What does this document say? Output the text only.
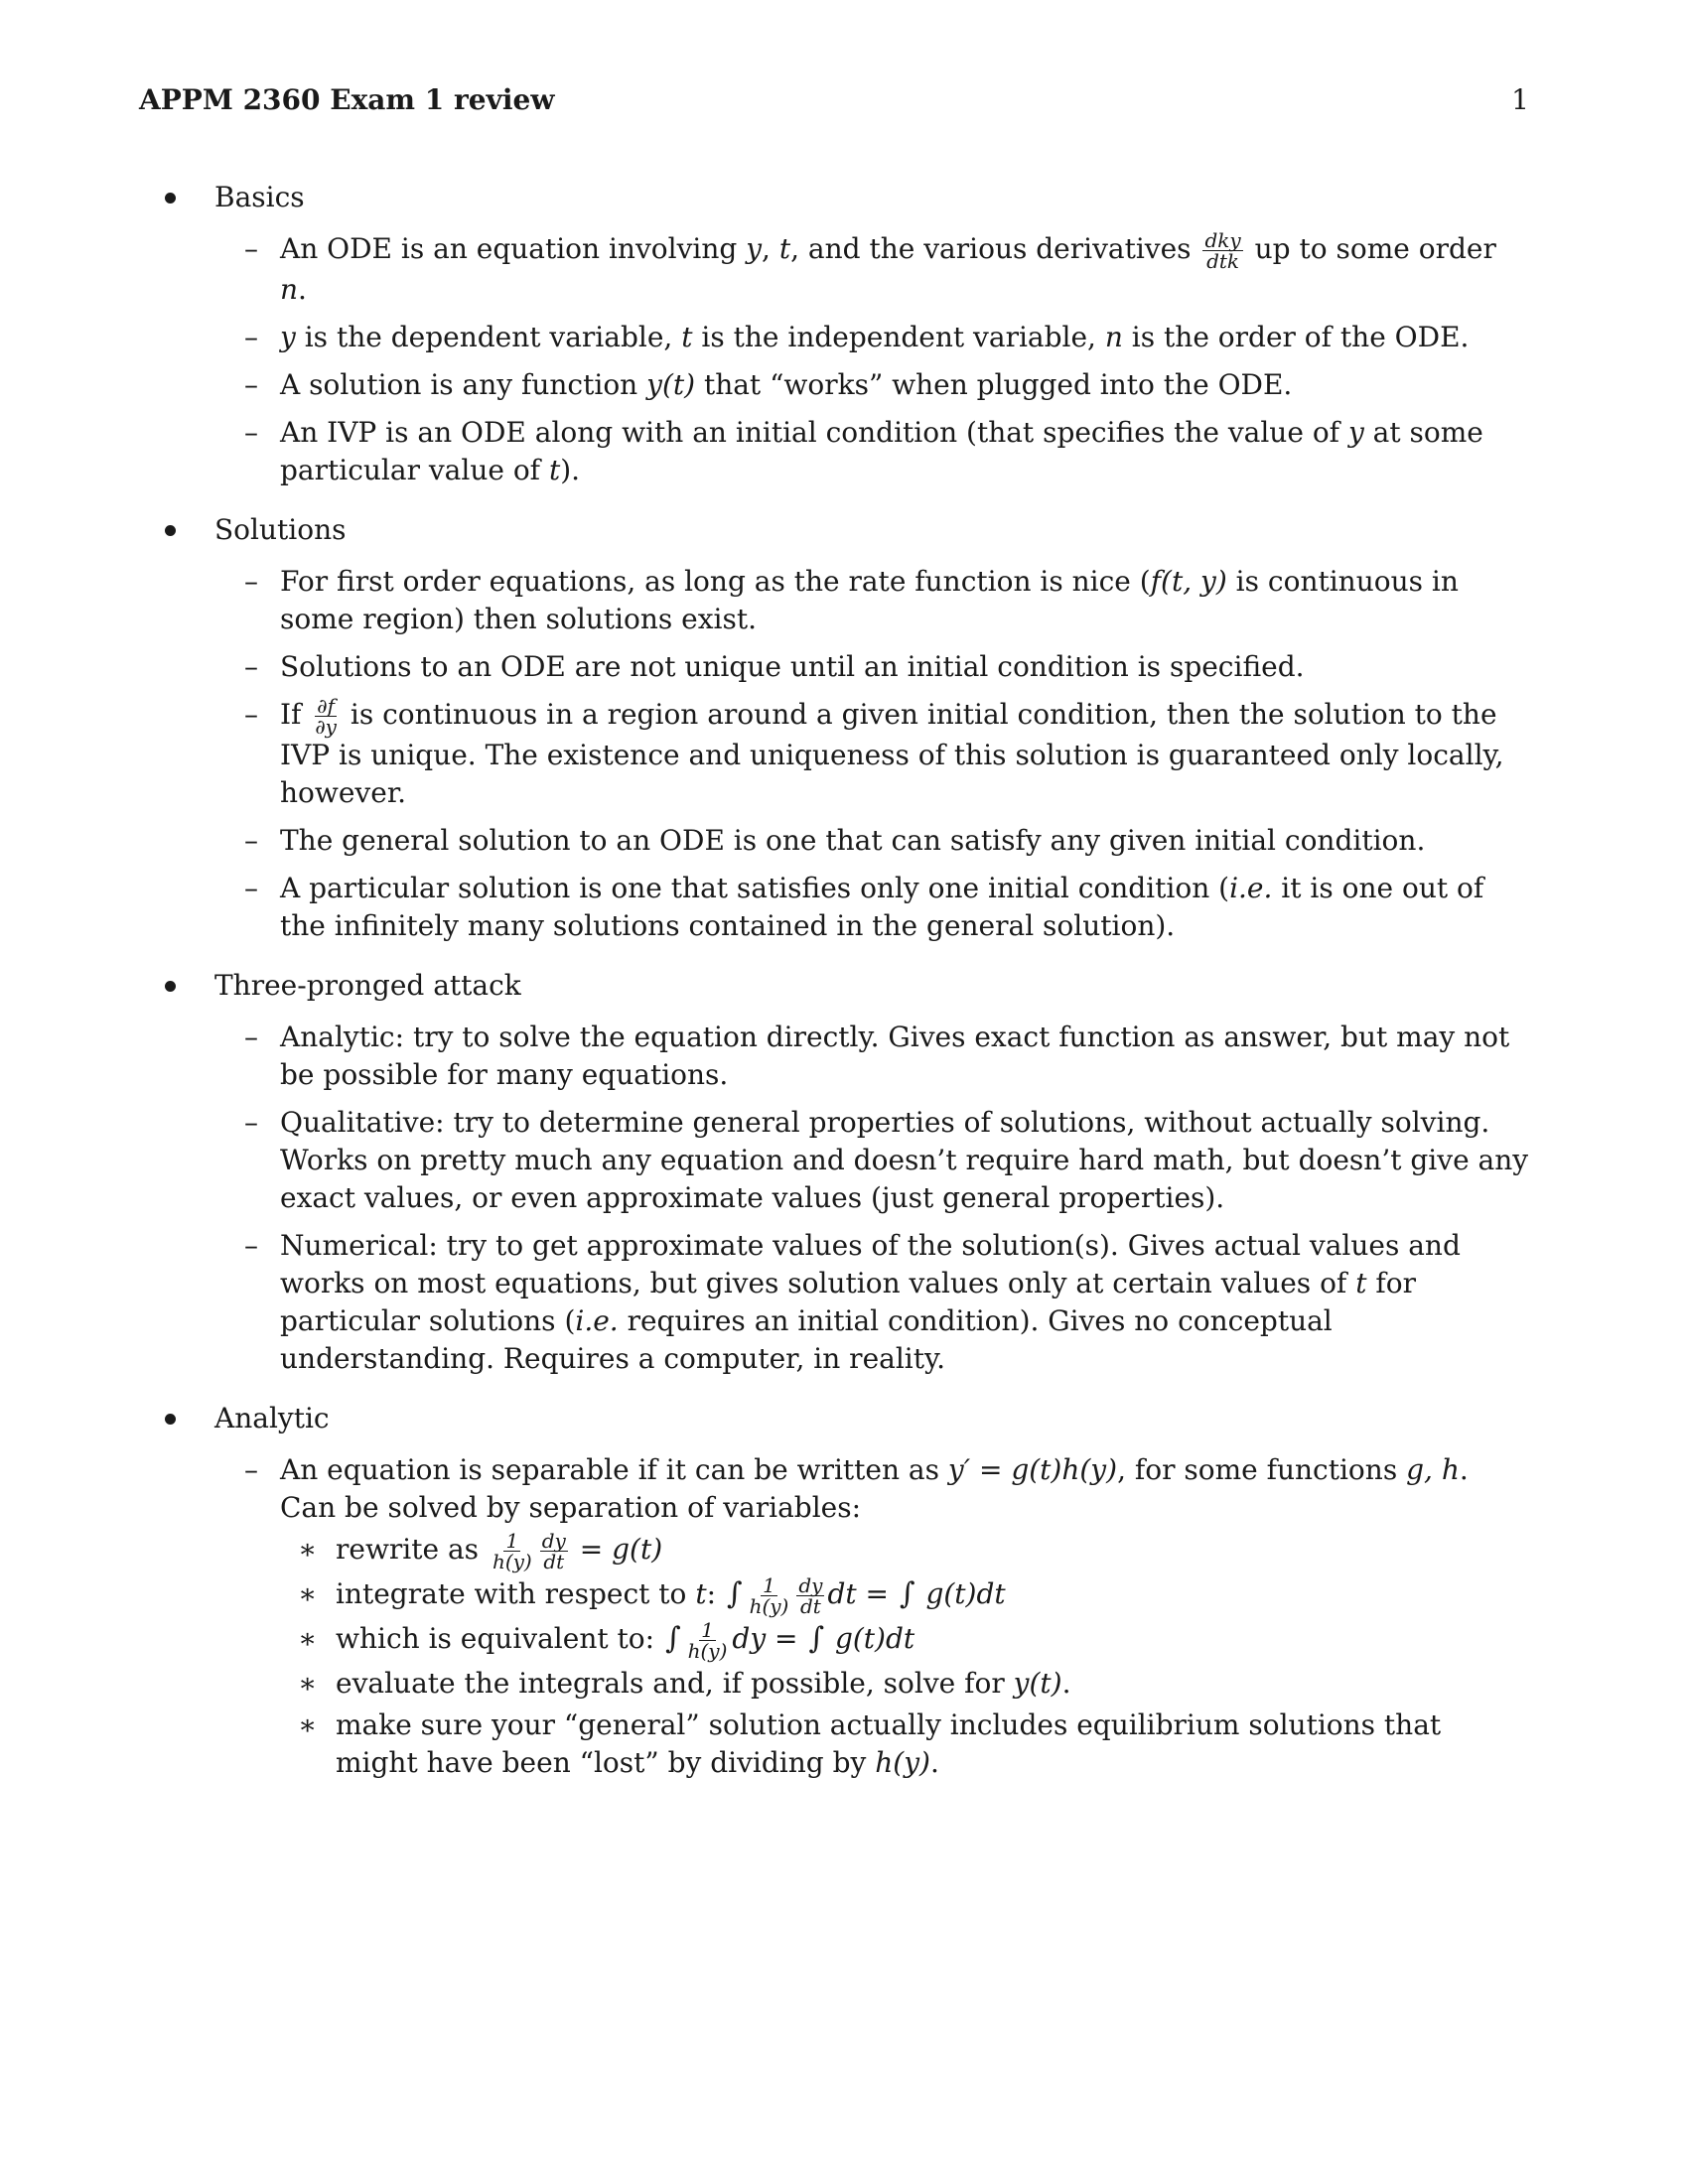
APPM 2360 Exam 1 review	1
Basics
– An ODE is an equation involving y, t, and the various derivatives $\frac{\text{dky}}{\text{dtk}}$ up to some order n.
– y is the dependent variable, t is the independent variable, n is the order of the ODE.
– A solution is any function y(t) that “works” when plugged into the ODE.
– An IVP is an ODE along with an initial condition (that specifies the value of y at some particular value of t).
Solutions
– For first order equations, as long as the rate function is nice (f(t, y) is continuous in some region) then solutions exist.
– Solutions to an ODE are not unique until an initial condition is specified.
– If $\frac{\partial f}{\partial y}$ is continuous in a region around a given initial condition, then the solution to the IVP is unique. The existence and uniqueness of this solution is guaranteed only locally, however.
– The general solution to an ODE is one that can satisfy any given initial condition.
– A particular solution is one that satisfies only one initial condition (i.e. it is one out of the infinitely many solutions contained in the general solution).
Three-pronged attack
– Analytic: try to solve the equation directly. Gives exact function as answer, but may not be possible for many equations.
– Qualitative: try to determine general properties of solutions, without actually solving. Works on pretty much any equation and doesn’t require hard math, but doesn’t give any exact values, or even approximate values (just general properties).
– Numerical: try to get approximate values of the solution(s). Gives actual values and works on most equations, but gives solution values only at certain values of t for particular solutions (i.e. requires an initial condition). Gives no conceptual understanding. Requires a computer, in reality.
Analytic
– An equation is separable if it can be written as y′ = g(t)h(y), for some functions g, h. Can be solved by separation of variables:
∗ rewrite as $\frac{1}{h(y)} \frac{dy}{dt} = g(t)$
∗ integrate with respect to t: ∫ $\frac{1}{h(y)} \frac{dy}{dt}$ dt = ∫ g(t)dt
∗ which is equivalent to: ∫ $\frac{1}{h(y)}$ dy = ∫ g(t)dt
∗ evaluate the integrals and, if possible, solve for y(t).
∗ make sure your “general” solution actually includes equilibrium solutions that might have been “lost” by dividing by h(y).
